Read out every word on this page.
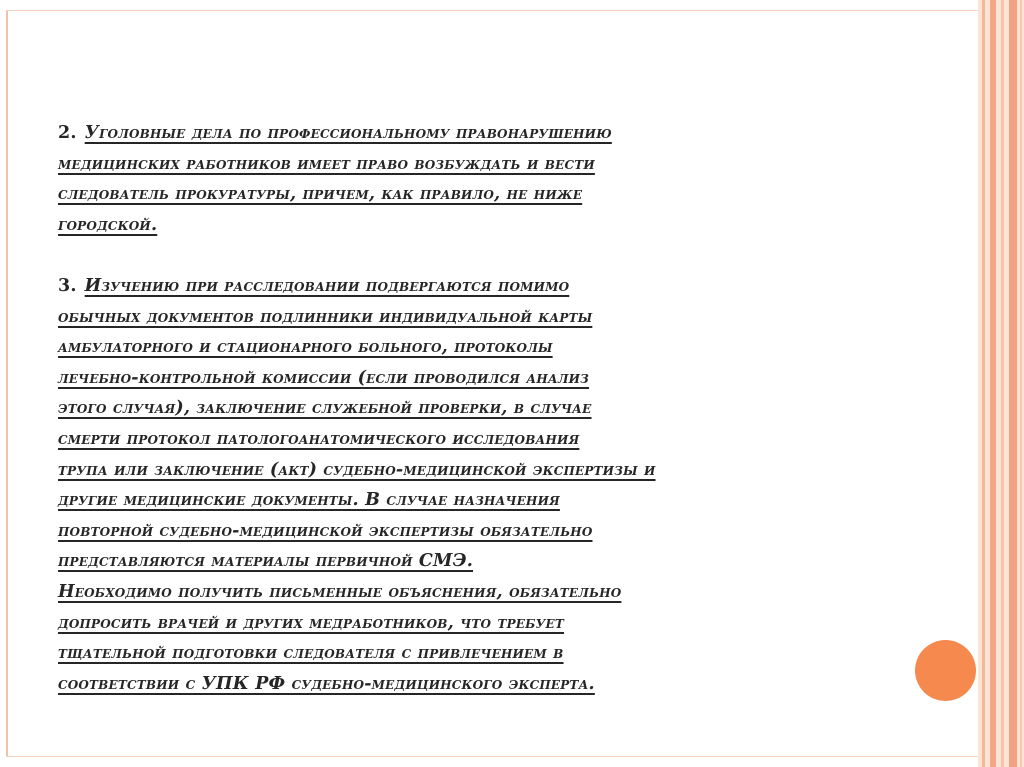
2. Уголовные дела по профессиональному правонарушению
медицинских работников имеет право возбуждать и вести
следователь прокуратуры, причем, как правило, не ниже
городской.
3. Изучению при расследовании подвергаются помимо
обычных документов подлинники индивидуальной карты
амбулаторного и стационарного больного, протоколы
лечебно-контрольной комиссии (если проводился анализ
этого случая), заключение служебной проверки, в случае
смерти протокол патологоанатомического исследования
трупа или заключение (акт) судебно-медицинской экспертизы и
другие медицинские документы. В случае назначения
повторной судебно-медицинской экспертизы обязательно
представляются материалы первичной СМЭ.
Необходимо получить письменные объяснения, обязательно
допросить врачей и других медработников, что требует
тщательной подготовки следователя с привлечением в
соответствии с УПК РФ судебно-медицинского эксперта.
